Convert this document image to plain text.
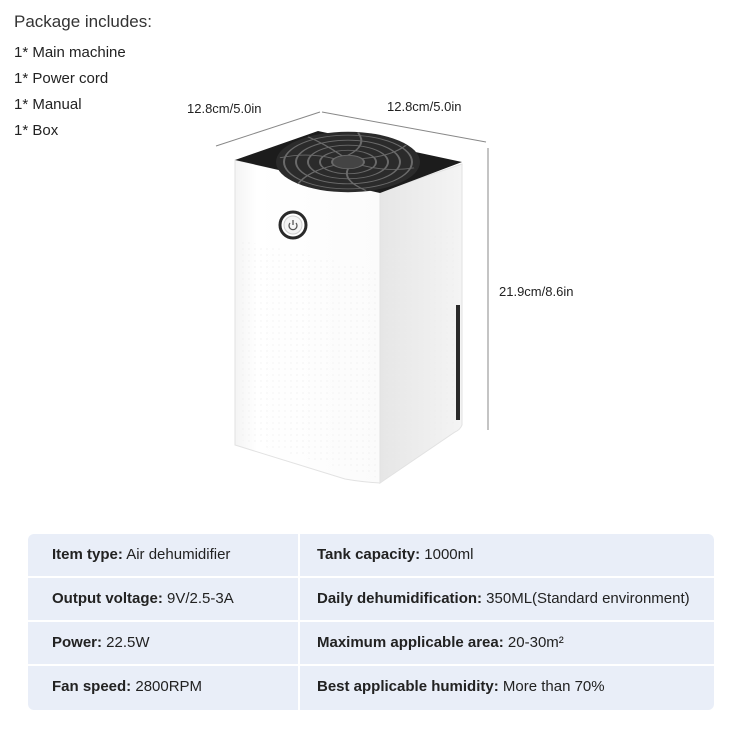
Package includes:
1* Main machine
1* Power cord
1* Manual
1* Box
12.8cm/5.0in	12.8cm/5.0in
21.9cm/8.6in
Item type: Air dehumidifier	Tank capacity: 1000ml
Output voltage: 9V/2.5-3A	Daily dehumidification: 350ML(Standard environment)
Power: 22.5W	Maximum applicable area: 20-30m²
Fan speed: 2800RPM	Best applicable humidity: More than 70%
